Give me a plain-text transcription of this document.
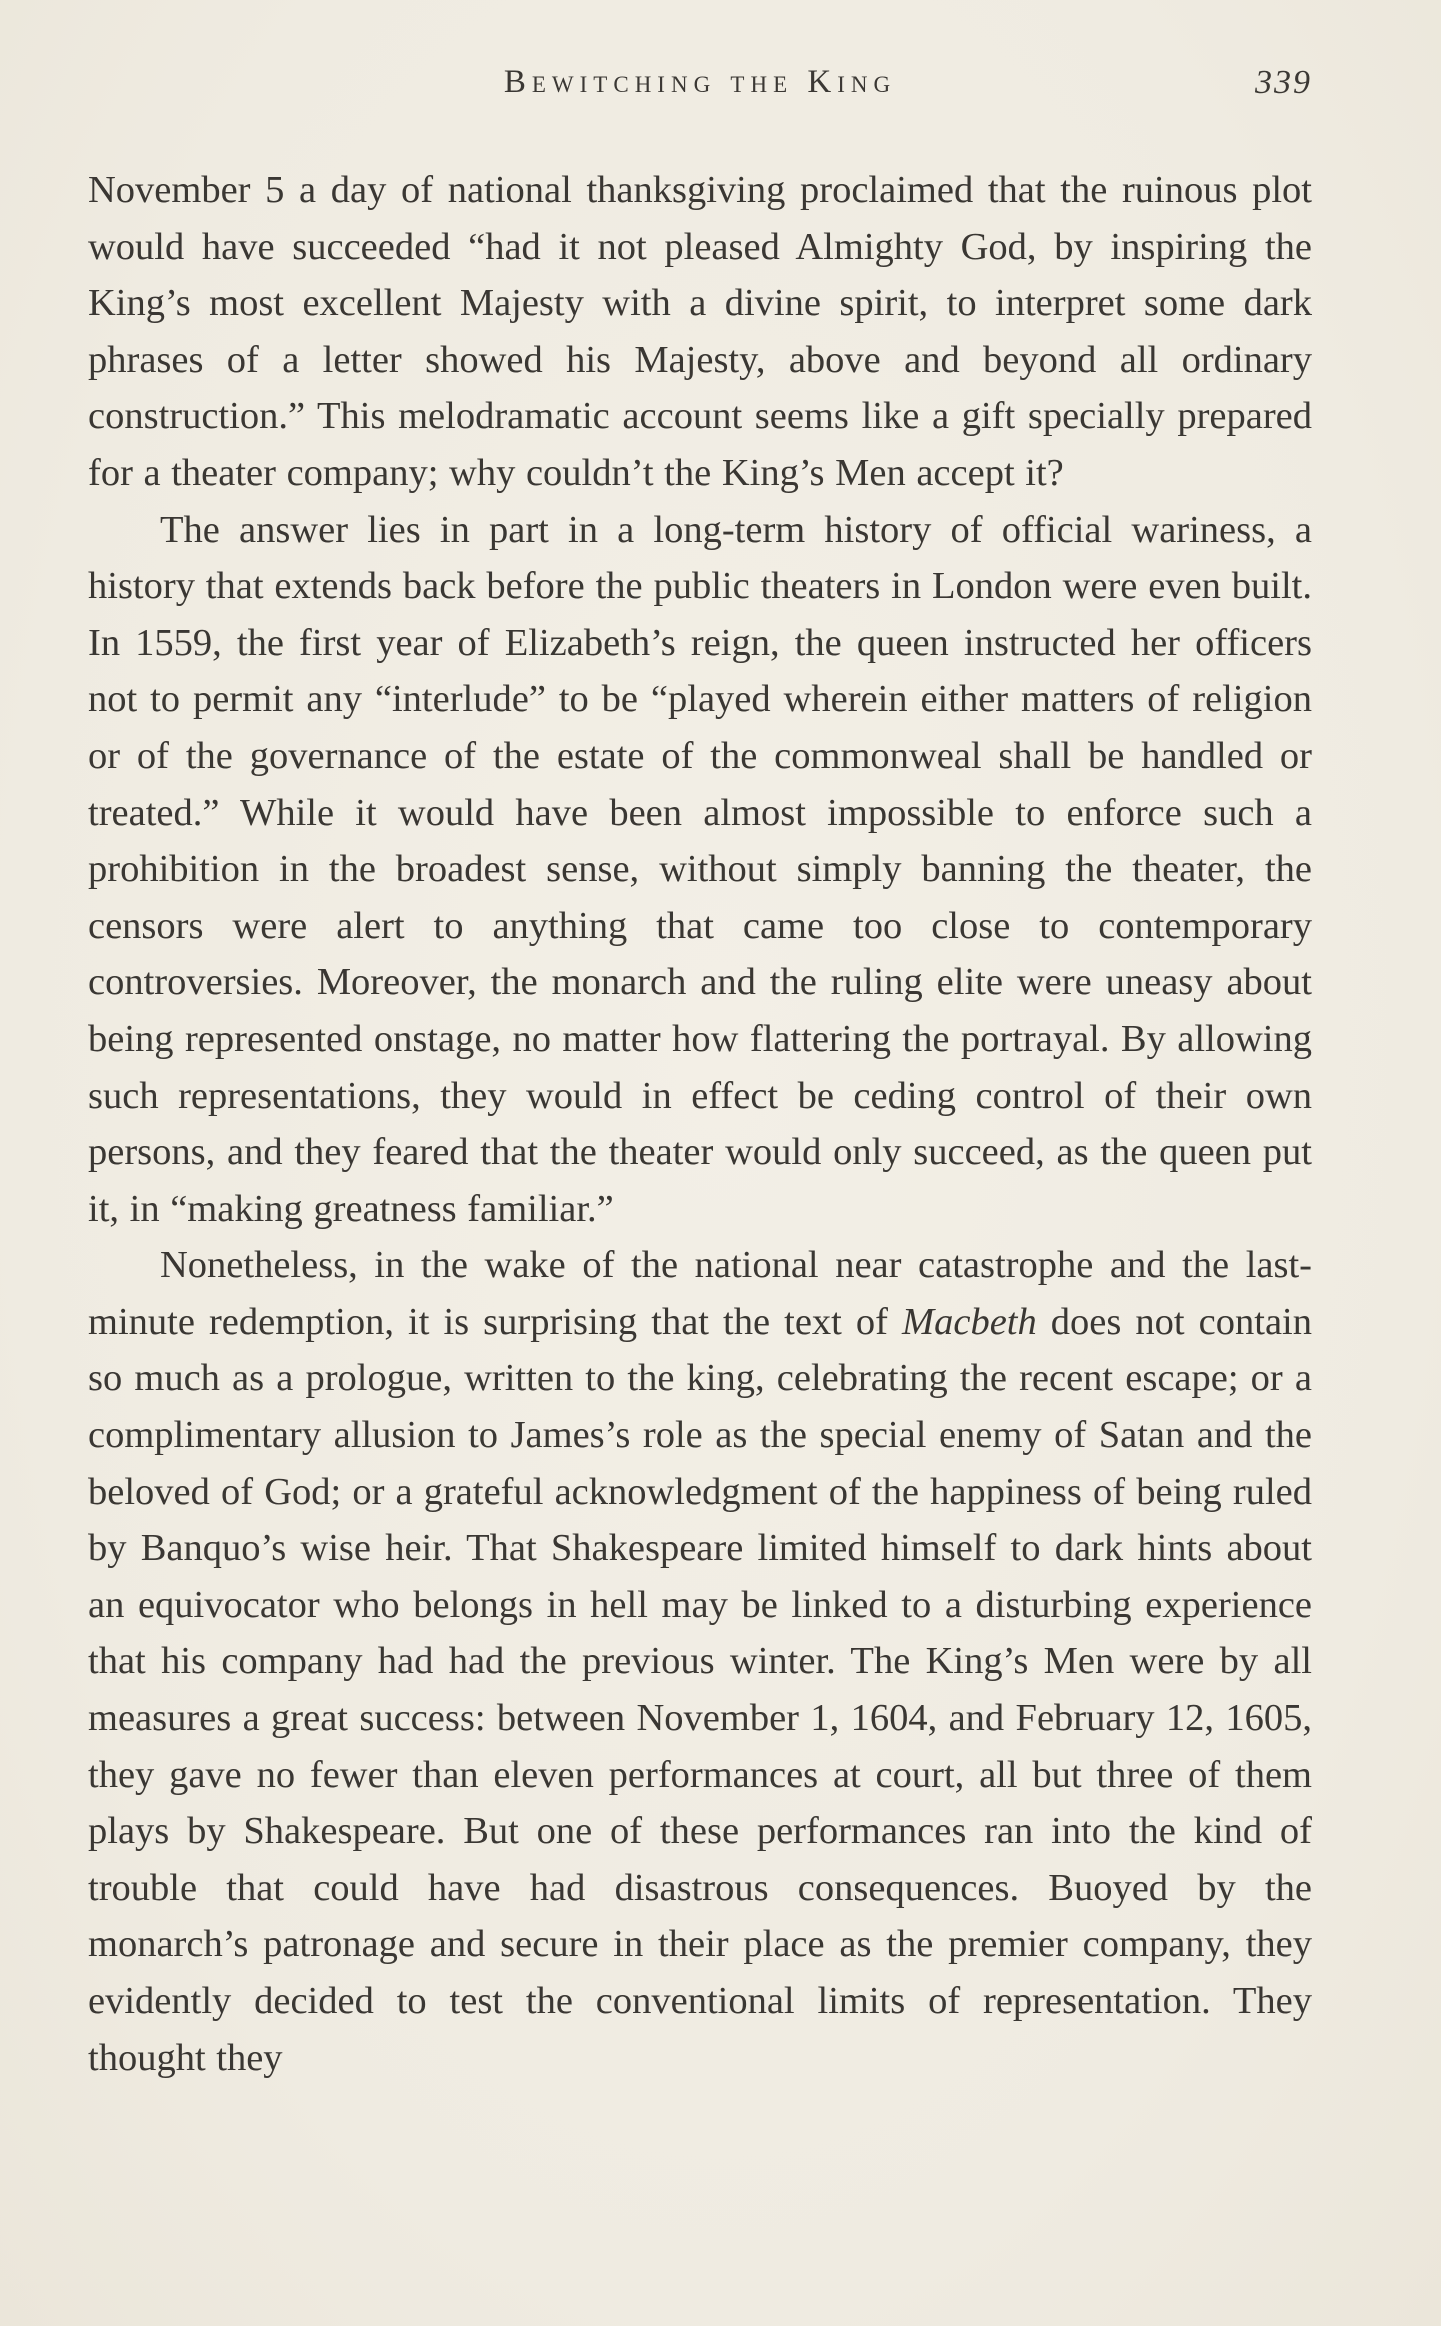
Bewitching the King	339

November 5 a day of national thanksgiving proclaimed that the ruinous plot would have succeeded “had it not pleased Almighty God, by inspiring the King’s most excellent Majesty with a divine spirit, to interpret some dark phrases of a letter showed his Majesty, above and beyond all ordinary construction.” This melodramatic account seems like a gift specially prepared for a theater company; why couldn’t the King’s Men accept it?

The answer lies in part in a long-term history of official wariness, a history that extends back before the public theaters in London were even built. In 1559, the first year of Elizabeth’s reign, the queen instructed her officers not to permit any “interlude” to be “played wherein either matters of religion or of the governance of the estate of the commonweal shall be handled or treated.” While it would have been almost impossible to enforce such a prohibition in the broadest sense, without simply banning the theater, the censors were alert to anything that came too close to contemporary controversies. Moreover, the monarch and the ruling elite were uneasy about being represented onstage, no matter how flattering the portrayal. By allowing such representations, they would in effect be ceding control of their own persons, and they feared that the theater would only succeed, as the queen put it, in “making greatness familiar.”

Nonetheless, in the wake of the national near catastrophe and the last-minute redemption, it is surprising that the text of Macbeth does not contain so much as a prologue, written to the king, celebrating the recent escape; or a complimentary allusion to James’s role as the special enemy of Satan and the beloved of God; or a grateful acknowledgment of the happiness of being ruled by Banquo’s wise heir. That Shakespeare limited himself to dark hints about an equivocator who belongs in hell may be linked to a disturbing experience that his company had had the previous winter. The King’s Men were by all measures a great success: between November 1, 1604, and February 12, 1605, they gave no fewer than eleven performances at court, all but three of them plays by Shakespeare. But one of these performances ran into the kind of trouble that could have had disastrous consequences. Buoyed by the monarch’s patronage and secure in their place as the premier company, they evidently decided to test the conventional limits of representation. They thought they
